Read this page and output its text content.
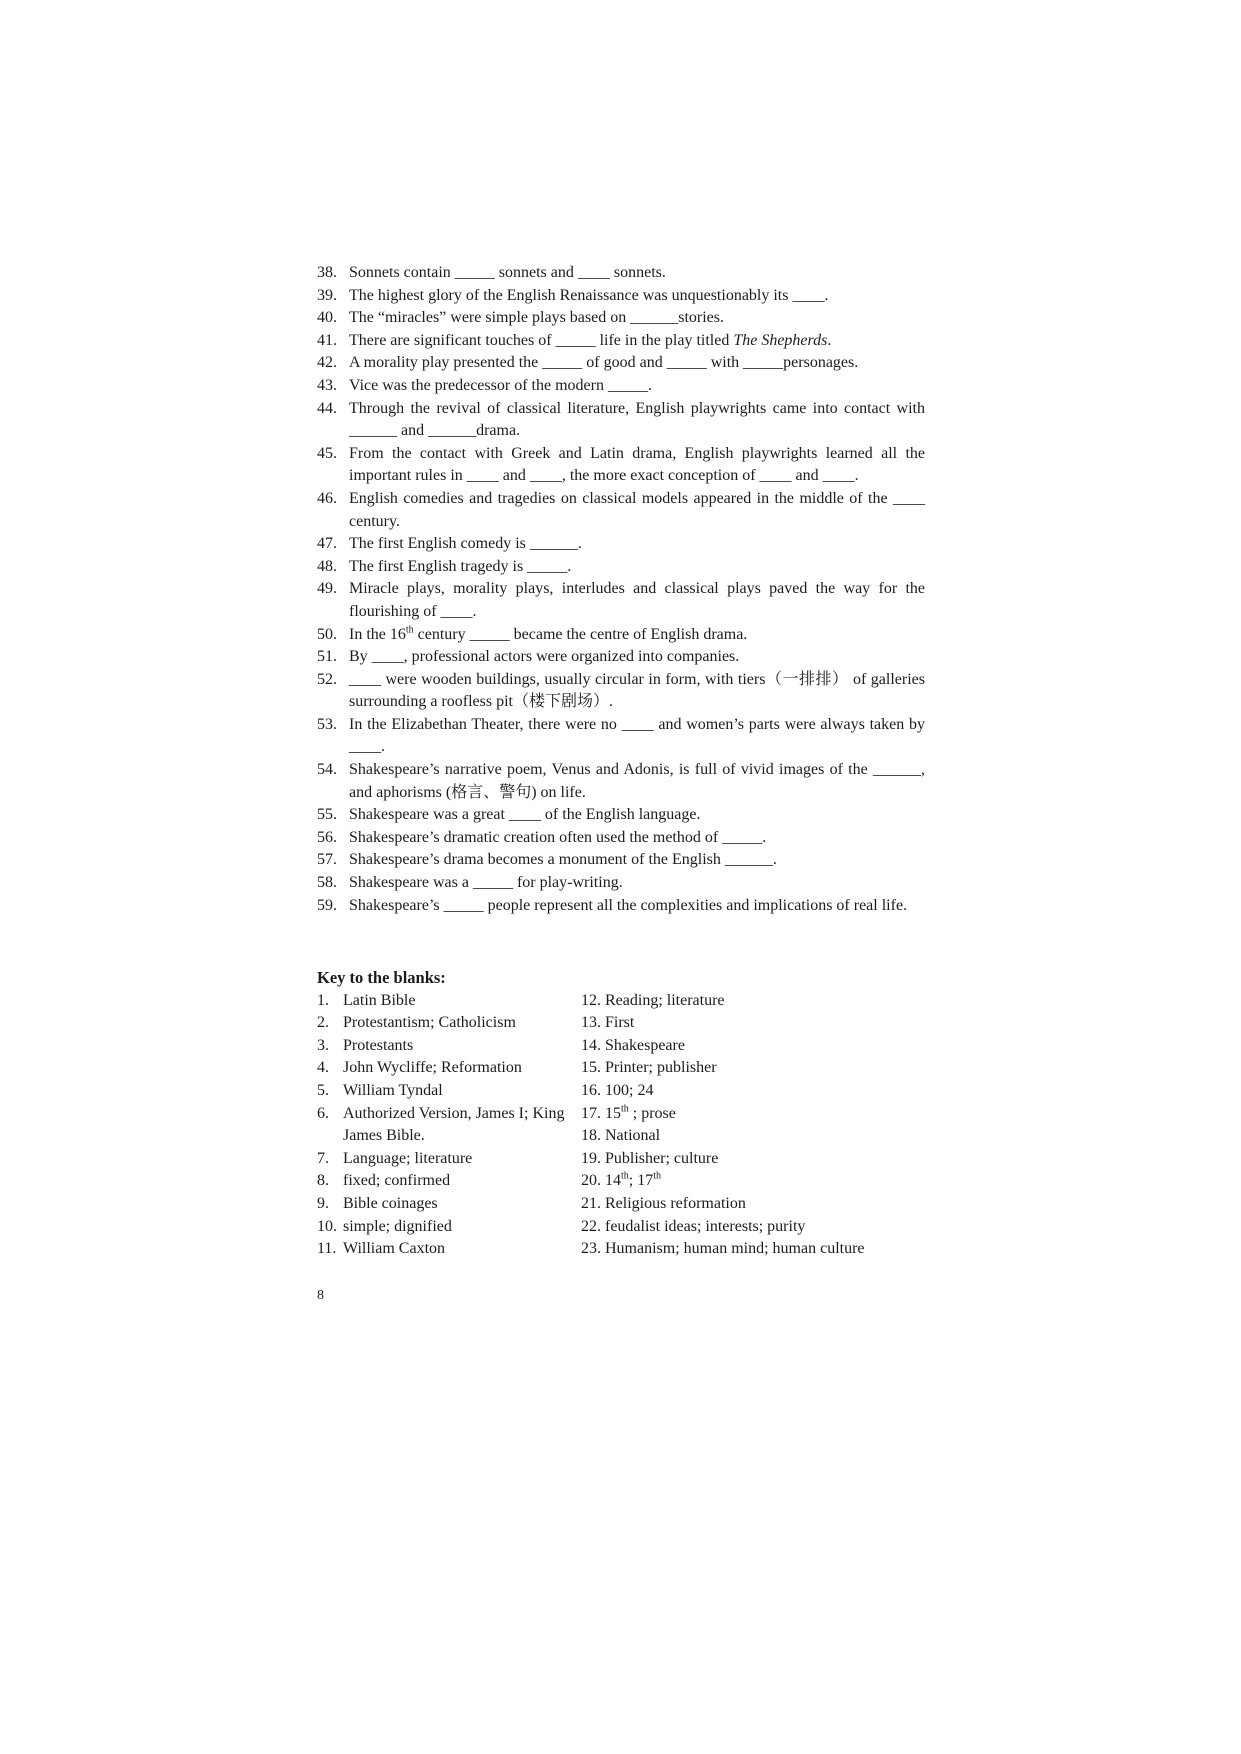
38. Sonnets contain _____ sonnets and ____ sonnets.
39. The highest glory of the English Renaissance was unquestionably its ____.
40. The “miracles” were simple plays based on ______stories.
41. There are significant touches of _____ life in the play titled The Shepherds.
42. A morality play presented the _____ of good and _____ with _____personages.
43. Vice was the predecessor of the modern _____.
44. Through the revival of classical literature, English playwrights came into contact with ______ and ______drama.
45. From the contact with Greek and Latin drama, English playwrights learned all the important rules in ____ and ____, the more exact conception of ____ and ____.
46. English comedies and tragedies on classical models appeared in the middle of the ____ century.
47. The first English comedy is ______.
48. The first English tragedy is _____.
49. Miracle plays, morality plays, interludes and classical plays paved the way for the flourishing of ____.
50. In the 16th century _____ became the centre of English drama.
51. By ____, professional actors were organized into companies.
52. ____ were wooden buildings, usually circular in form, with tiers（一排排） of galleries surrounding a roofless pit（楼下剧场）.
53. In the Elizabethan Theater, there were no ____ and women’s parts were always taken by ____.
54. Shakespeare’s narrative poem, Venus and Adonis, is full of vivid images of the ______, and aphorisms (格言、警句) on life.
55. Shakespeare was a great ____ of the English language.
56. Shakespeare’s dramatic creation often used the method of _____.
57. Shakespeare’s drama becomes a monument of the English ______.
58. Shakespeare was a _____ for play-writing.
59. Shakespeare’s _____ people represent all the complexities and implications of real life.

Key to the blanks:

1. Latin Bible
2. Protestantism; Catholicism
3. Protestants
4. John Wycliffe; Reformation
5. William Tyndal
6. Authorized Version, James I; King James Bible.
7. Language; literature
8. fixed; confirmed
9. Bible coinages
10. simple; dignified
11. William Caxton
12. Reading; literature
13. First
14. Shakespeare
15. Printer; publisher
16. 100; 24
17. 15th ; prose
18. National
19. Publisher; culture
20. 14th; 17th
21. Religious reformation
22. feudalist ideas; interests; purity
23. Humanism; human mind; human culture
8
